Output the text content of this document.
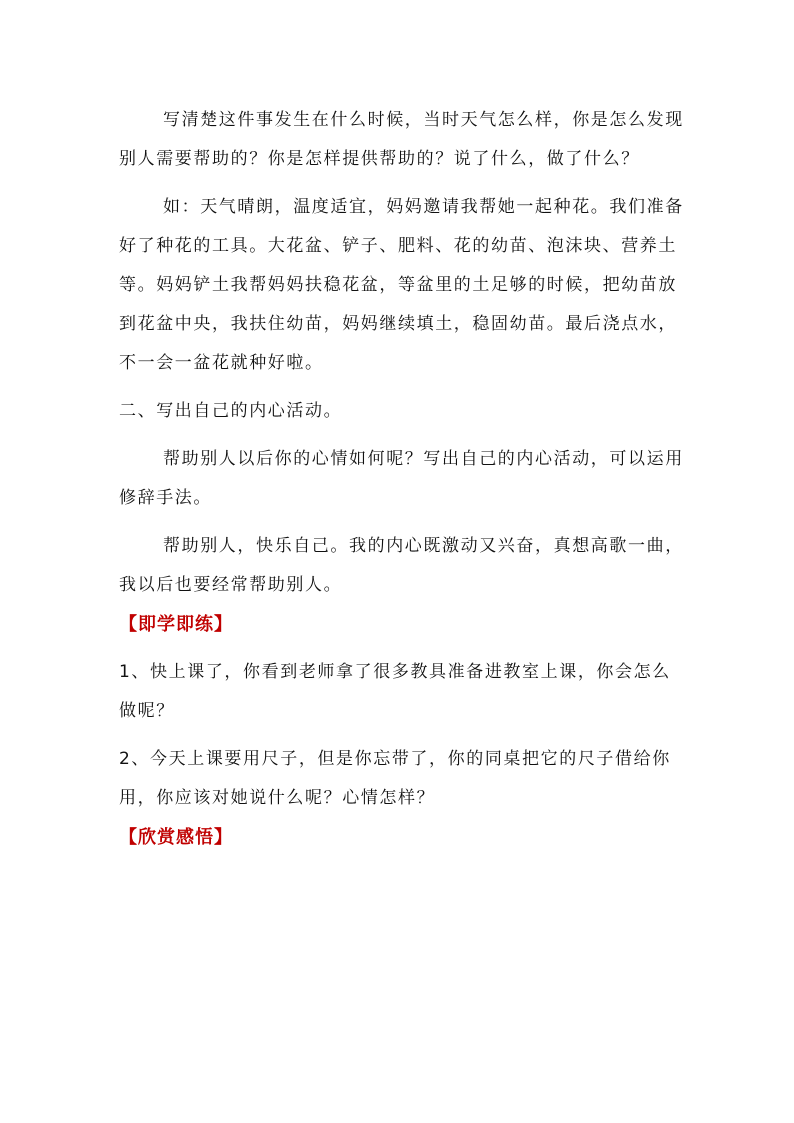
写清楚这件事发生在什么时候，当时天气怎么样，你是怎么发现别人需要帮助的？你是怎样提供帮助的？说了什么，做了什么？

如：天气晴朗，温度适宜，妈妈邀请我帮她一起种花。我们准备好了种花的工具。大花盆、铲子、肥料、花的幼苗、泡沫块、营养土等。妈妈铲土我帮妈妈扶稳花盆，等盆里的土足够的时候，把幼苗放到花盆中央，我扶住幼苗，妈妈继续填土，稳固幼苗。最后浇点水，不一会一盆花就种好啦。

二、写出自己的内心活动。

帮助别人以后你的心情如何呢？写出自己的内心活动，可以运用修辞手法。

帮助别人，快乐自己。我的内心既激动又兴奋，真想高歌一曲，我以后也要经常帮助别人。

【即学即练】

1、快上课了，你看到老师拿了很多教具准备进教室上课，你会怎么做呢？

2、今天上课要用尺子，但是你忘带了，你的同桌把它的尺子借给你用，你应该对她说什么呢？心情怎样？

【欣赏感悟】
